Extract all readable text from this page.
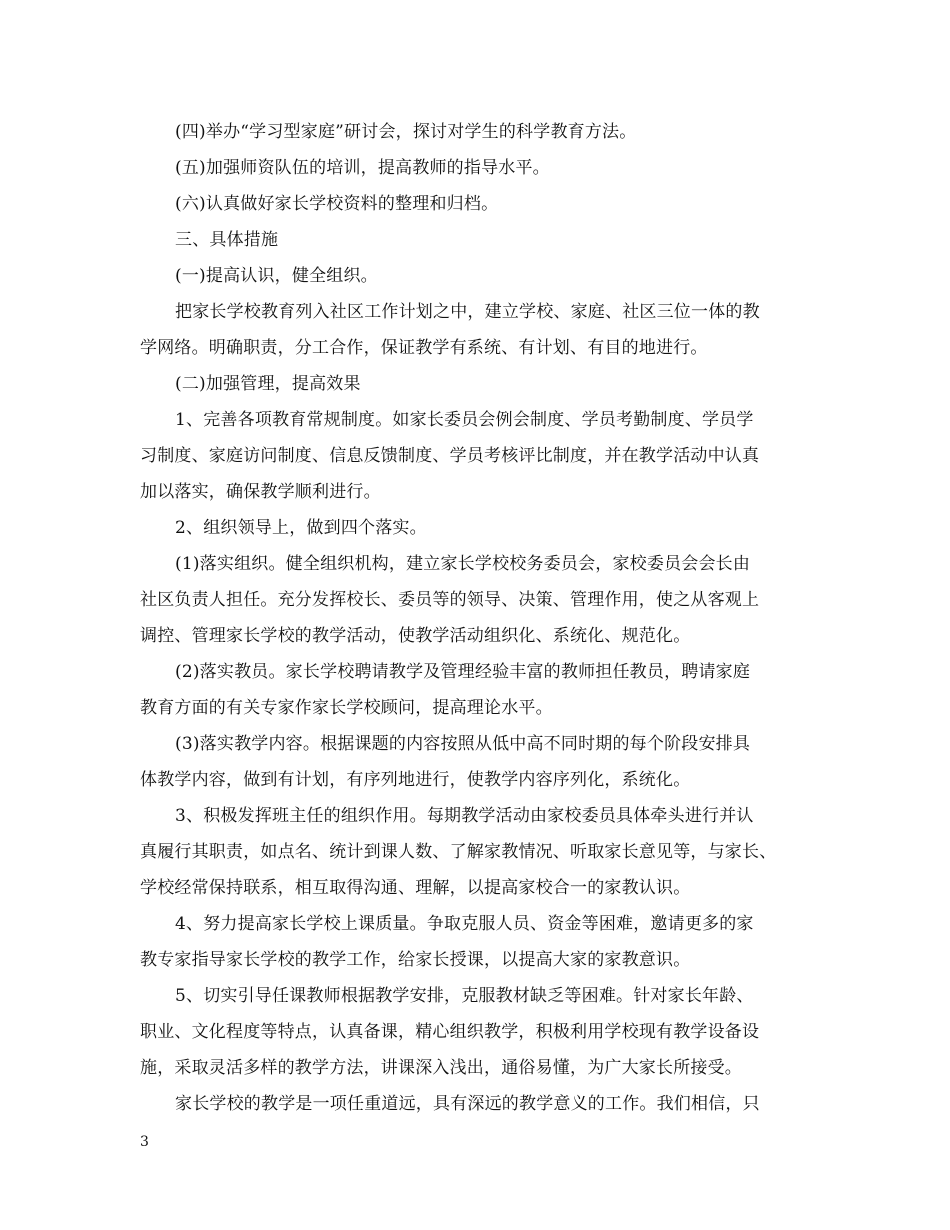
(四)举办“学习型家庭”研讨会，探讨对学生的科学教育方法。
(五)加强师资队伍的培训，提高教师的指导水平。
(六)认真做好家长学校资料的整理和归档。
三、具体措施
(一)提高认识，健全组织。
把家长学校教育列入社区工作计划之中，建立学校、家庭、社区三位一体的教
学网络。明确职责，分工合作，保证教学有系统、有计划、有目的地进行。
(二)加强管理，提高效果
1、完善各项教育常规制度。如家长委员会例会制度、学员考勤制度、学员学
习制度、家庭访问制度、信息反馈制度、学员考核评比制度，并在教学活动中认真
加以落实，确保教学顺利进行。
2、组织领导上，做到四个落实。
(1)落实组织。健全组织机构，建立家长学校校务委员会，家校委员会会长由
社区负责人担任。充分发挥校长、委员等的领导、决策、管理作用，使之从客观上
调控、管理家长学校的教学活动，使教学活动组织化、系统化、规范化。
(2)落实教员。家长学校聘请教学及管理经验丰富的教师担任教员，聘请家庭
教育方面的有关专家作家长学校顾问，提高理论水平。
(3)落实教学内容。根据课题的内容按照从低中高不同时期的每个阶段安排具
体教学内容，做到有计划，有序列地进行，使教学内容序列化，系统化。
3、积极发挥班主任的组织作用。每期教学活动由家校委员具体牵头进行并认
真履行其职责，如点名、统计到课人数、了解家教情况、听取家长意见等，与家长、
学校经常保持联系，相互取得沟通、理解，以提高家校合一的家教认识。
4、努力提高家长学校上课质量。争取克服人员、资金等困难，邀请更多的家
教专家指导家长学校的教学工作，给家长授课，以提高大家的家教意识。
5、切实引导任课教师根据教学安排，克服教材缺乏等困难。针对家长年龄、
职业、文化程度等特点，认真备课，精心组织教学，积极利用学校现有教学设备设
施，采取灵活多样的教学方法，讲课深入浅出，通俗易懂，为广大家长所接受。
家长学校的教学是一项任重道远，具有深远的教学意义的工作。我们相信，只
3
